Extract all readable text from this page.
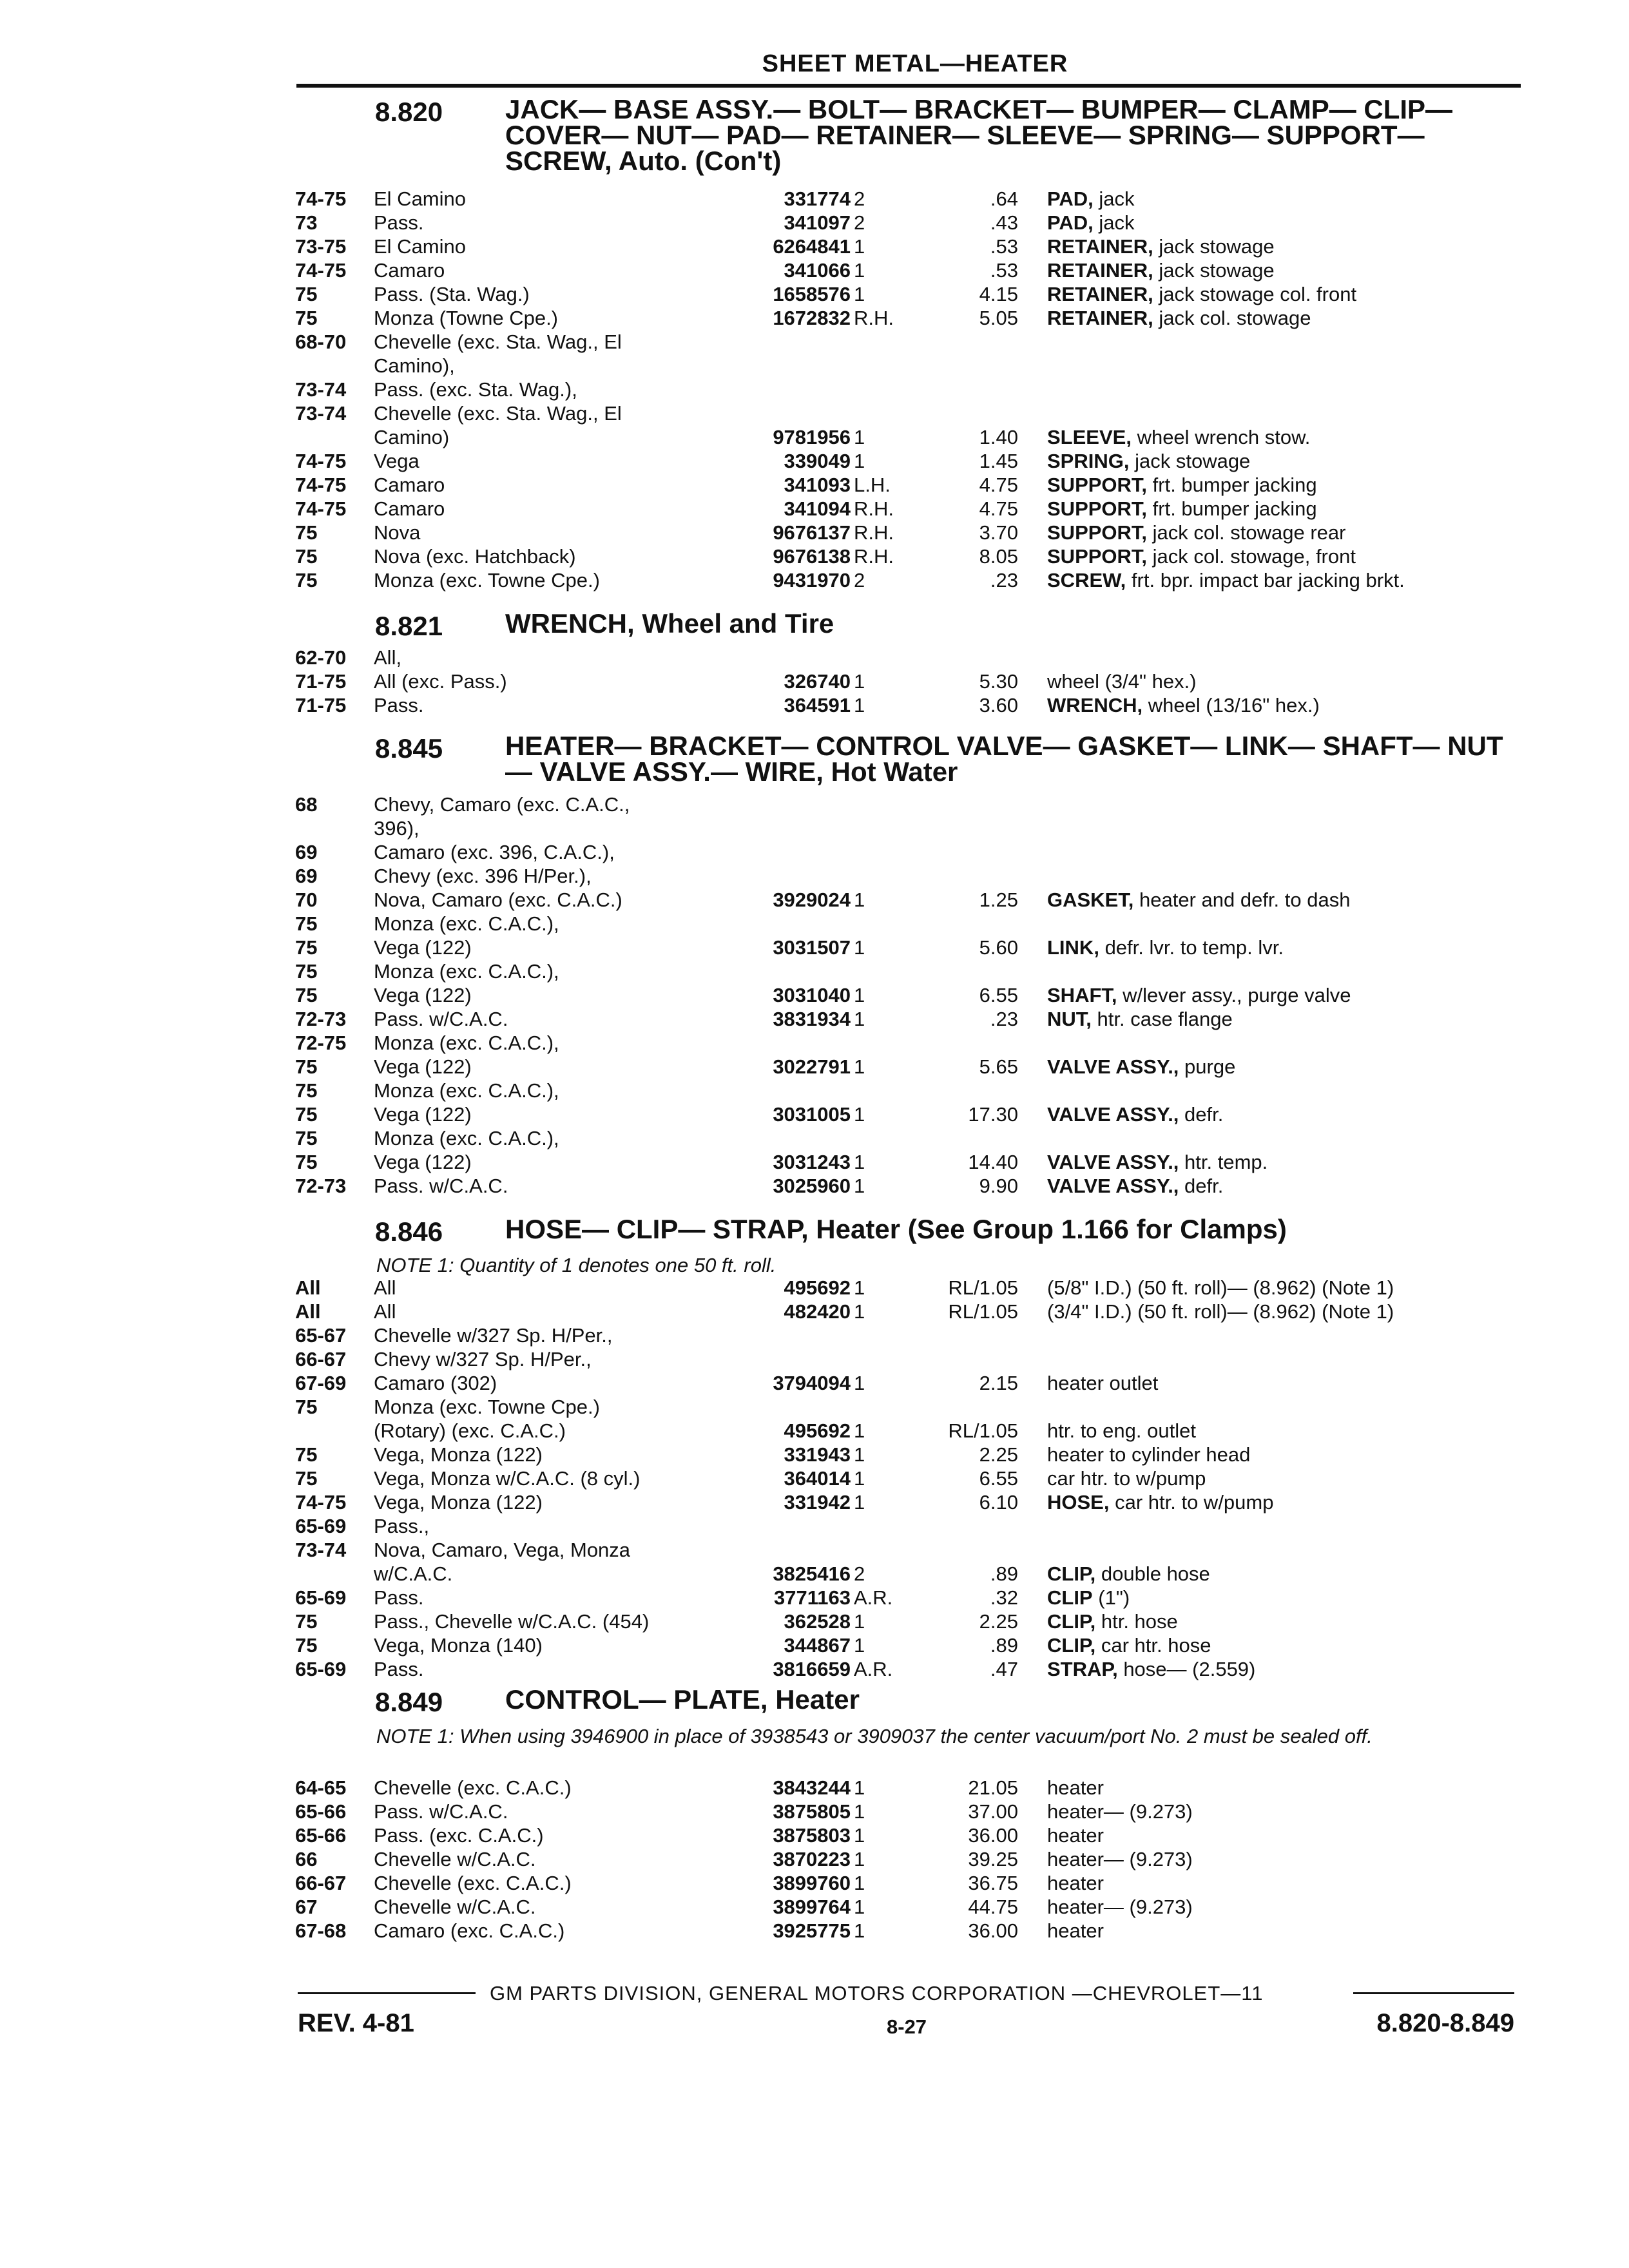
SHEET METAL—HEATER
8.820 JACK— BASE ASSY.— BOLT— BRACKET— BUMPER— CLAMP— CLIP— COVER— NUT— PAD— RETAINER— SLEEVE— SPRING— SUPPORT— SCREW, Auto. (Con't)
74-75	El Camino	331774 2	.64 PAD, jack
73	Pass.	341097 2	.43 PAD, jack
73-75	El Camino	6264841 1	.53 RETAINER, jack stowage
74-75	Camaro	341066 1	.53 RETAINER, jack stowage
75	Pass. (Sta. Wag.)	1658576 1	4.15 RETAINER, jack stowage col. front
75	Monza (Towne Cpe.)	1672832 R.H.	5.05 RETAINER, jack col. stowage
68-70	Chevelle (exc. Sta. Wag., El
Camino),
73-74	Pass. (exc. Sta. Wag.),
73-74	Chevelle (exc. Sta. Wag., El
Camino)	9781956 1	1.40 SLEEVE, wheel wrench stow.
74-75	Vega	339049 1	1.45 SPRING, jack stowage
74-75	Camaro	341093 L.H.	4.75 SUPPORT, frt. bumper jacking
74-75	Camaro	341094 R.H.	4.75 SUPPORT, frt. bumper jacking
75	Nova	9676137 R.H.	3.70 SUPPORT, jack col. stowage rear
75	Nova (exc. Hatchback)	9676138 R.H.	8.05 SUPPORT, jack col. stowage, front
75	Monza (exc. Towne Cpe.)	9431970 2	.23 SCREW, frt. bpr. impact bar jacking brkt.
8.821 WRENCH, Wheel and Tire
62-70	All,
71-75	All (exc. Pass.)	326740 1	5.30 wheel (3/4" hex.)
71-75	Pass.	364591 1	3.60 WRENCH, wheel (13/16" hex.)
8.845 HEATER— BRACKET— CONTROL VALVE— GASKET— LINK— SHAFT— NUT— VALVE ASSY.— WIRE, Hot Water
68	Chevy, Camaro (exc. C.A.C.,
396),
69	Camaro (exc. 396, C.A.C.),
69	Chevy (exc. 396 H/Per.),
70	Nova, Camaro (exc. C.A.C.)	3929024 1	1.25 GASKET, heater and defr. to dash
75	Monza (exc. C.A.C.),
75	Vega (122)	3031507 1	5.60 LINK, defr. lvr. to temp. lvr.
75	Monza (exc. C.A.C.),
75	Vega (122)	3031040 1	6.55 SHAFT, w/lever assy., purge valve
72-73	Pass. w/C.A.C.	3831934 1	.23 NUT, htr. case flange
72-75	Monza (exc. C.A.C.),
75	Vega (122)	3022791 1	5.65 VALVE ASSY., purge
75	Monza (exc. C.A.C.),
75	Vega (122)	3031005 1	17.30 VALVE ASSY., defr.
75	Monza (exc. C.A.C.),
75	Vega (122)	3031243 1	14.40 VALVE ASSY., htr. temp.
72-73	Pass. w/C.A.C.	3025960 1	9.90 VALVE ASSY., defr.
8.846 HOSE— CLIP— STRAP, Heater (See Group 1.166 for Clamps)
NOTE 1: Quantity of 1 denotes one 50 ft. roll.
All	All	495692 1	RL/1.05 (5/8" I.D.) (50 ft. roll)— (8.962) (Note 1)
All	All	482420 1	RL/1.05 (3/4" I.D.) (50 ft. roll)— (8.962) (Note 1)
65-67	Chevelle w/327 Sp. H/Per.,
66-67	Chevy w/327 Sp. H/Per.,
67-69	Camaro (302)	3794094 1	2.15 heater outlet
75	Monza (exc. Towne Cpe.)
(Rotary) (exc. C.A.C.)	495692 1	RL/1.05 htr. to eng. outlet
75	Vega, Monza (122)	331943 1	2.25 heater to cylinder head
75	Vega, Monza w/C.A.C. (8 cyl.)	364014 1	6.55 car htr. to w/pump
74-75	Vega, Monza (122)	331942 1	6.10 HOSE, car htr. to w/pump
65-69	Pass.,
73-74	Nova, Camaro, Vega, Monza
w/C.A.C.	3825416 2	.89 CLIP, double hose
65-69	Pass.	3771163 A.R.	.32 CLIP (1")
75	Pass., Chevelle w/C.A.C. (454)	362528 1	2.25 CLIP, htr. hose
75	Vega, Monza (140)	344867 1	.89 CLIP, car htr. hose
65-69	Pass.	3816659 A.R.	.47 STRAP, hose— (2.559)
8.849 CONTROL— PLATE, Heater
NOTE 1: When using 3946900 in place of 3938543 or 3909037 the center vacuum/port No. 2 must be sealed off.
64-65	Chevelle (exc. C.A.C.)	3843244 1	21.05 heater
65-66	Pass. w/C.A.C.	3875805 1	37.00 heater— (9.273)
65-66	Pass. (exc. C.A.C.)	3875803 1	36.00 heater
66	Chevelle w/C.A.C.	3870223 1	39.25 heater— (9.273)
66-67	Chevelle (exc. C.A.C.)	3899760 1	36.75 heater
67	Chevelle w/C.A.C.	3899764 1	44.75 heater— (9.273)
67-68	Camaro (exc. C.A.C.)	3925775 1	36.00 heater
GM PARTS DIVISION, GENERAL MOTORS CORPORATION —CHEVROLET—11
REV. 4-81	8-27	8.820-8.849
